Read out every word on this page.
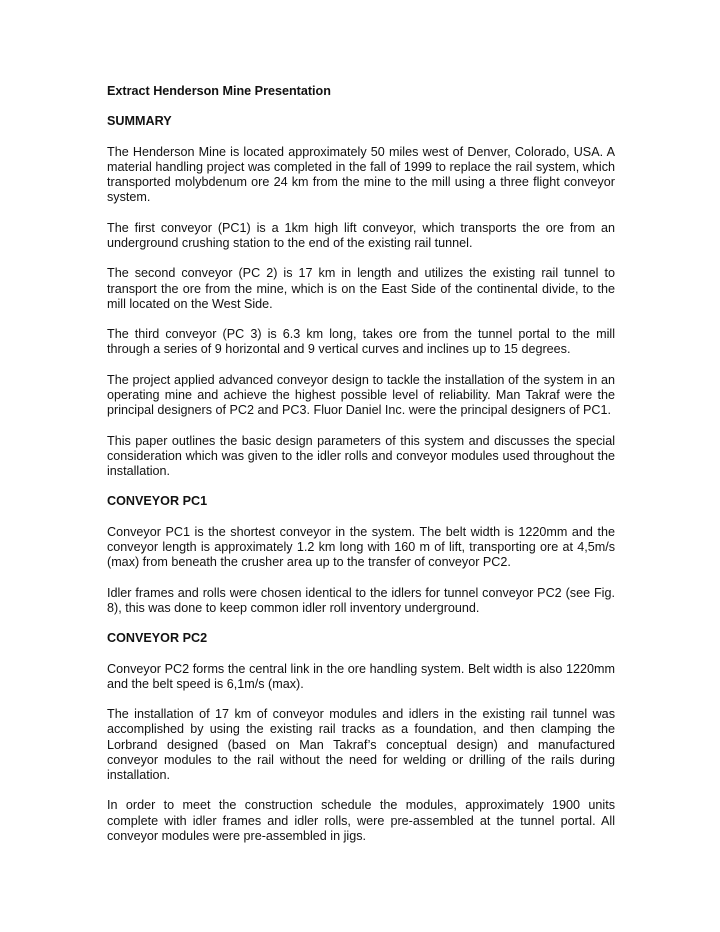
Extract Henderson Mine Presentation
SUMMARY

The Henderson Mine is located approximately 50 miles west of Denver, Colorado, USA. A material handling project was completed in the fall of 1999 to replace the rail system, which transported molybdenum ore 24 km from the mine to the mill using a three flight conveyor system.

The first conveyor (PC1) is a 1km high lift conveyor, which transports the ore from an underground crushing station to the end of the existing rail tunnel.

The second conveyor (PC 2) is 17 km in length and utilizes the existing rail tunnel to transport the ore from the mine, which is on the East Side of the continental divide, to the mill located on the West Side.

The third conveyor (PC 3) is 6.3 km long, takes ore from the tunnel portal to the mill through a series of 9 horizontal and 9 vertical curves and inclines up to 15 degrees.

The project applied advanced conveyor design to tackle the installation of the system in an operating mine and achieve the highest possible level of reliability. Man Takraf were the principal designers of PC2 and PC3. Fluor Daniel Inc. were the principal designers of PC1.

This paper outlines the basic design parameters of this system and discusses the special consideration which was given to the idler rolls and conveyor modules used throughout the installation.

CONVEYOR PC1

Conveyor PC1 is the shortest conveyor in the system. The belt width is 1220mm and the conveyor length is approximately 1.2 km long with 160 m of lift, transporting ore at 4,5m/s (max) from beneath the crusher area up to the transfer of conveyor PC2.

Idler frames and rolls were chosen identical to the idlers for tunnel conveyor PC2 (see Fig. 8), this was done to keep common idler roll inventory underground.

CONVEYOR PC2

Conveyor PC2 forms the central link in the ore handling system. Belt width is also 1220mm and the belt speed is 6,1m/s (max).

The installation of 17 km of conveyor modules and idlers in the existing rail tunnel was accomplished by using the existing rail tracks as a foundation, and then clamping the Lorbrand designed (based on Man Takraf’s conceptual design) and manufactured conveyor modules to the rail without the need for welding or drilling of the rails during installation.

In order to meet the construction schedule the modules, approximately 1900 units complete with idler frames and idler rolls, were pre-assembled at the tunnel portal. All conveyor modules were pre-assembled in jigs.
